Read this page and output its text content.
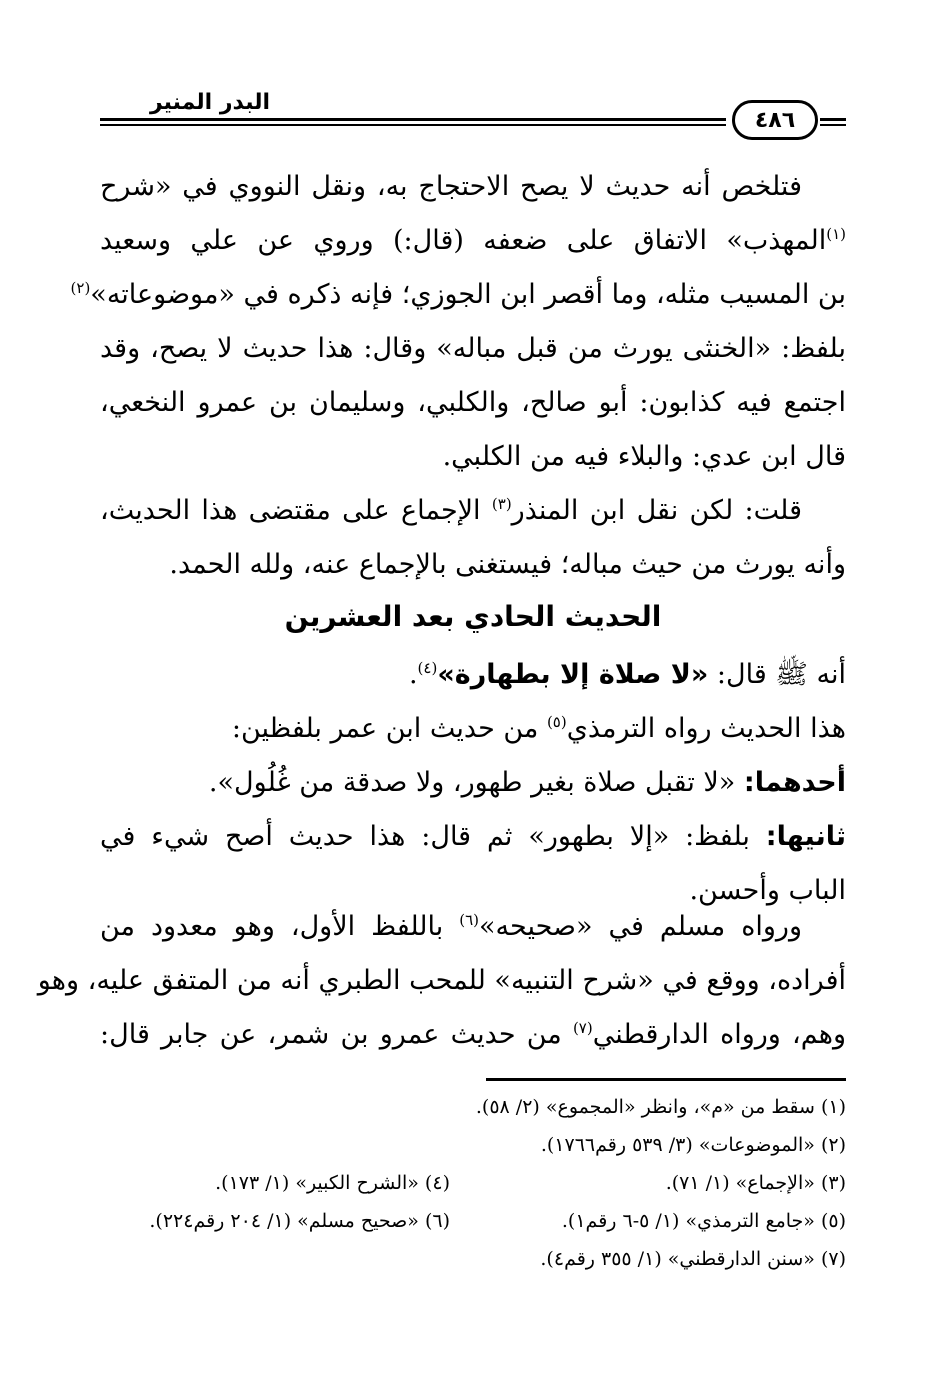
البدر المنير
٤٨٦
فتلخص أنه حديث لا يصح الاحتجاج به، ونقل النووي في «شرح
$^{(١)}$المهذب» الاتفاق على ضعفه (قال:) وروي عن علي وسعيد
بن المسيب مثله، وما أقصر ابن الجوزي؛ فإنه ذكره في «موضوعاته»$^{(٢)}$
بلفظ: «الخنثى يورث من قبل مباله» وقال: هذا حديث لا يصح، وقد
اجتمع فيه كذابون: أبو صالح، والكلبي، وسليمان بن عمرو النخعي،
قال ابن عدي: والبلاء فيه من الكلبي.
قلت: لكن نقل ابن المنذر$^{(٣)}$ الإجماع على مقتضى هذا الحديث،
وأنه يورث من حيث مباله؛ فيستغنى بالإجماع عنه، ولله الحمد.
الحديث الحادي بعد العشرين
أنه ﷺ قال: «لا صلاة إلا بطهارة»$^{(٤)}$.
هذا الحديث رواه الترمذي$^{(٥)}$ من حديث ابن عمر بلفظين:
أحدهما: «لا تقبل صلاة بغير طهور، ولا صدقة من غُلُول».
ثانيها: بلفظ: «إلا بطهور» ثم قال: هذا حديث أصح شيء في
الباب وأحسن.
ورواه مسلم في «صحيحه»$^{(٦)}$ باللفظ الأول، وهو معدود من
أفراده، ووقع في «شرح التنبيه» للمحب الطبري أنه من المتفق عليه، وهو
وهم، ورواه الدارقطني$^{(٧)}$ من حديث عمرو بن شمر، عن جابر قال:
(١) سقط من «م»، وانظر «المجموع» (٢/ ٥٨).
(٢) «الموضوعات» (٣/ ٥٣٩ رقم١٧٦٦).
(٣) «الإجماع» (١/ ٧١).
(٤) «الشرح الكبير» (١/ ١٧٣).
(٥) «جامع الترمذي» (١/ ٥-٦ رقم١).
(٦) «صحيح مسلم» (١/ ٢٠٤ رقم٢٢٤).
(٧) «سنن الدارقطني» (١/ ٣٥٥ رقم٤).
